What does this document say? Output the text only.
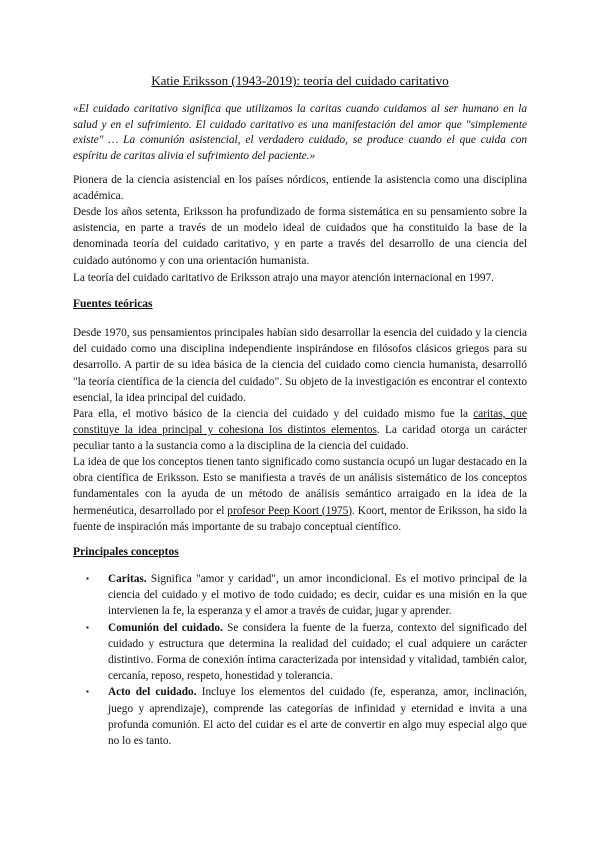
Katie Eriksson (1943-2019): teoría del cuidado caritativo

«El cuidado caritativo significa que utilizamos la caritas cuando cuidamos al ser humano en la salud y en el sufrimiento. El cuidado caritativo es una manifestación del amor que "simplemente existe" … La comunión asistencial, el verdadero cuidado, se produce cuando el que cuida con espíritu de caritas alivia el sufrimiento del paciente.»

Pionera de la ciencia asistencial en los países nórdicos, entiende la asistencia como una disciplina académica.

Desde los años setenta, Eriksson ha profundizado de forma sistemática en su pensamiento sobre la asistencia, en parte a través de un modelo ideal de cuidados que ha constituido la base de la denominada teoría del cuidado caritativo, y en parte a través del desarrollo de una ciencia del cuidado autónomo y con una orientación humanista.

La teoría del cuidado caritativo de Eriksson atrajo una mayor atención internacional en 1997.

Fuentes teóricas

Desde 1970, sus pensamientos principales habían sido desarrollar la esencia del cuidado y la ciencia del cuidado como una disciplina independiente inspirándose en filósofos clásicos griegos para su desarrollo. A partir de su idea básica de la ciencia del cuidado como ciencia humanista, desarrolló "la teoría científica de la ciencia del cuidado". Su objeto de la investigación es encontrar el contexto esencial, la idea principal del cuidado.

Para ella, el motivo básico de la ciencia del cuidado y del cuidado mismo fue la caritas, que constituye la idea principal y cohesiona los distintos elementos. La caridad otorga un carácter peculiar tanto a la sustancia como a la disciplina de la ciencia del cuidado.

La idea de que los conceptos tienen tanto significado como sustancia ocupó un lugar destacado en la obra científica de Eriksson. Esto se manifiesta a través de un análisis sistemático de los conceptos fundamentales con la ayuda de un método de análisis semántico arraigado en la idea de la hermenéutica, desarrollado por el profesor Peep Koort (1975). Koort, mentor de Eriksson, ha sido la fuente de inspiración más importante de su trabajo conceptual científico.

Principales conceptos
▪ Caritas. Significa "amor y caridad", un amor incondicional. Es el motivo principal de la ciencia del cuidado y el motivo de todo cuidado; es decir, cuidar es una misión en la que intervienen la fe, la esperanza y el amor a través de cuidar, jugar y aprender.
▪ Comunión del cuidado. Se considera la fuente de la fuerza, contexto del significado del cuidado y estructura que determina la realidad del cuidado; el cual adquiere un carácter distintivo. Forma de conexión íntima caracterizada por intensidad y vitalidad, también calor, cercanía, reposo, respeto, honestidad y tolerancia.
▪ Acto del cuidado. Incluye los elementos del cuidado (fe, esperanza, amor, inclinación, juego y aprendizaje), comprende las categorías de infinidad y eternidad e invita a una profunda comunión. El acto del cuidar es el arte de convertir en algo muy especial algo que no lo es tanto.
